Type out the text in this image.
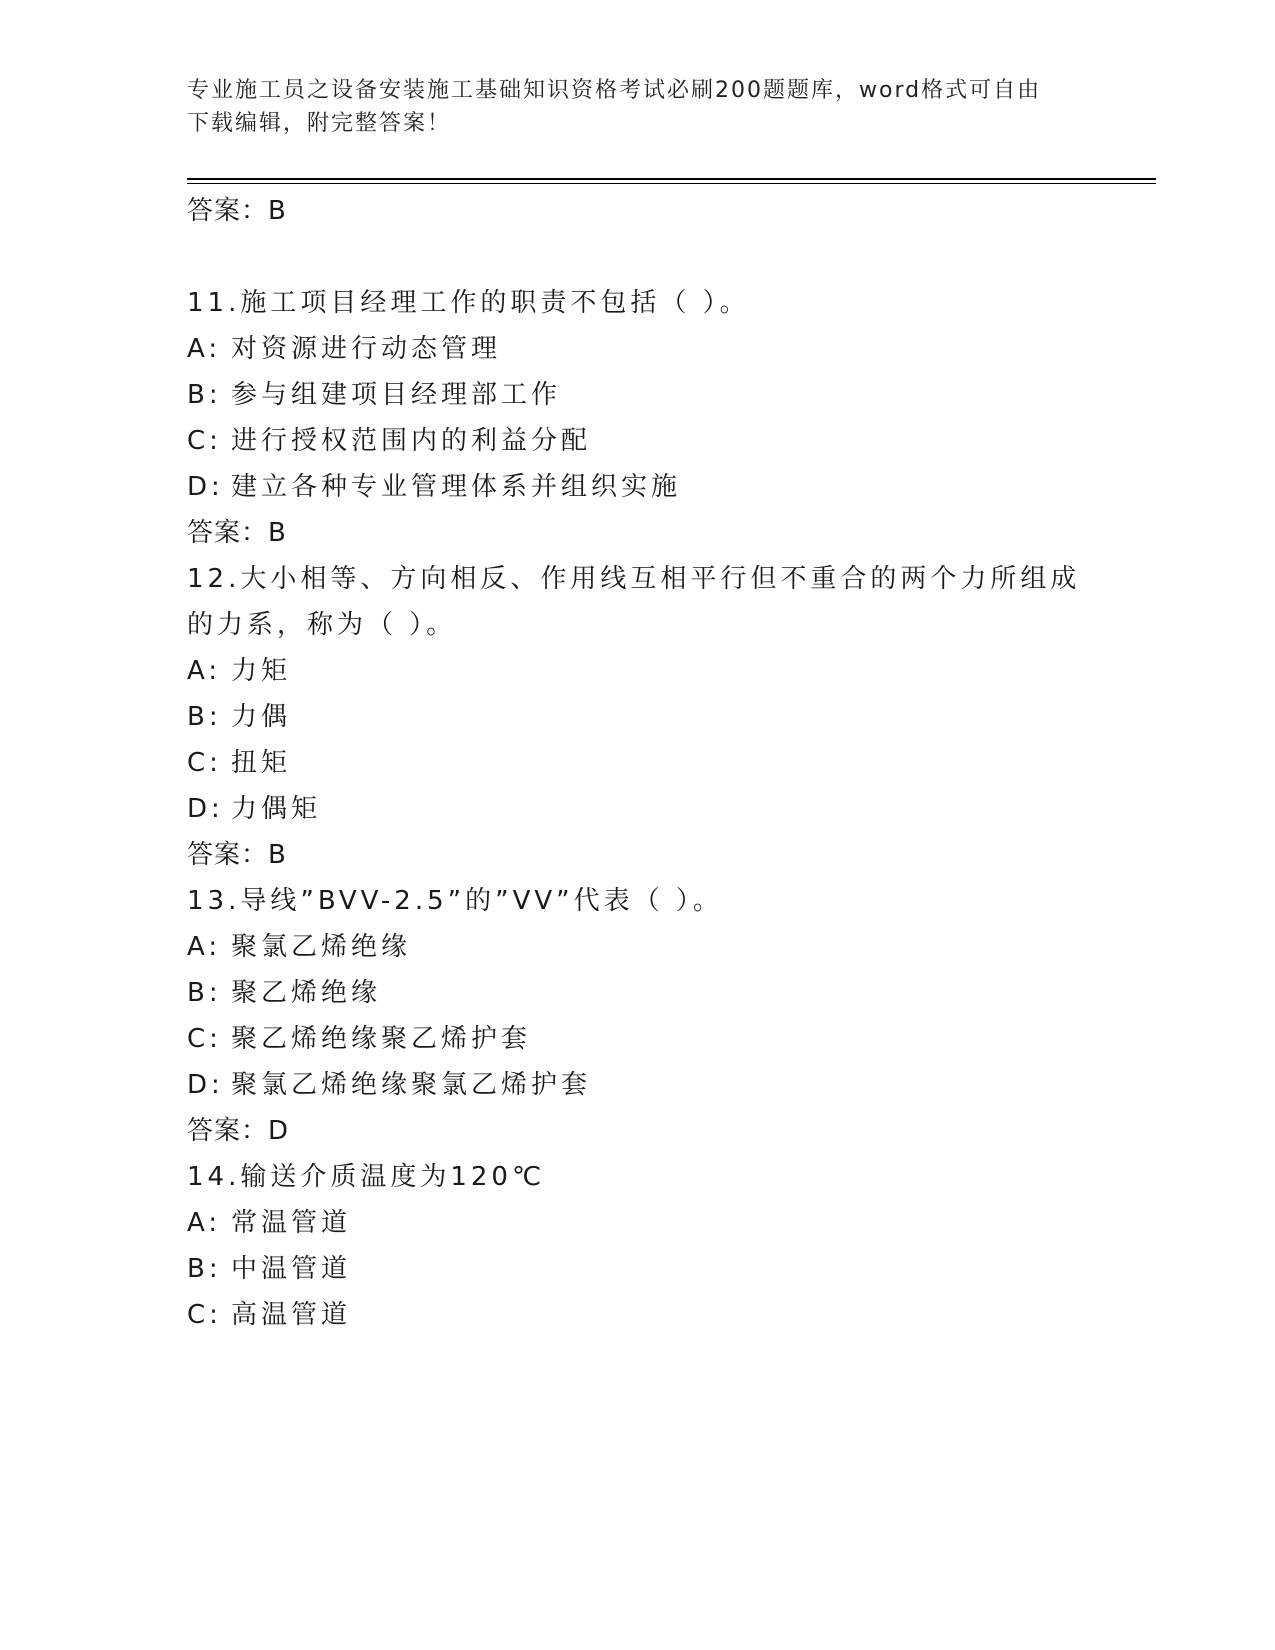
专业施工员之设备安装施工基础知识资格考试必刷200题题库，word格式可自由
下载编辑，附完整答案！
答案：B
11.施工项目经理工作的职责不包括（ ）。
A: 对资源进行动态管理
B: 参与组建项目经理部工作
C: 进行授权范围内的利益分配
D: 建立各种专业管理体系并组织实施
答案：B
12.大小相等、方向相反、作用线互相平行但不重合的两个力所组成的力系，称为（ ）。
A: 力矩
B: 力偶
C: 扭矩
D: 力偶矩
答案：B
13.导线”BVV-2.5”的”VV”代表（ ）。
A: 聚氯乙烯绝缘
B: 聚乙烯绝缘
C: 聚乙烯绝缘聚乙烯护套
D: 聚氯乙烯绝缘聚氯乙烯护套
答案：D
14.输送介质温度为120℃
A: 常温管道
B: 中温管道
C: 高温管道
